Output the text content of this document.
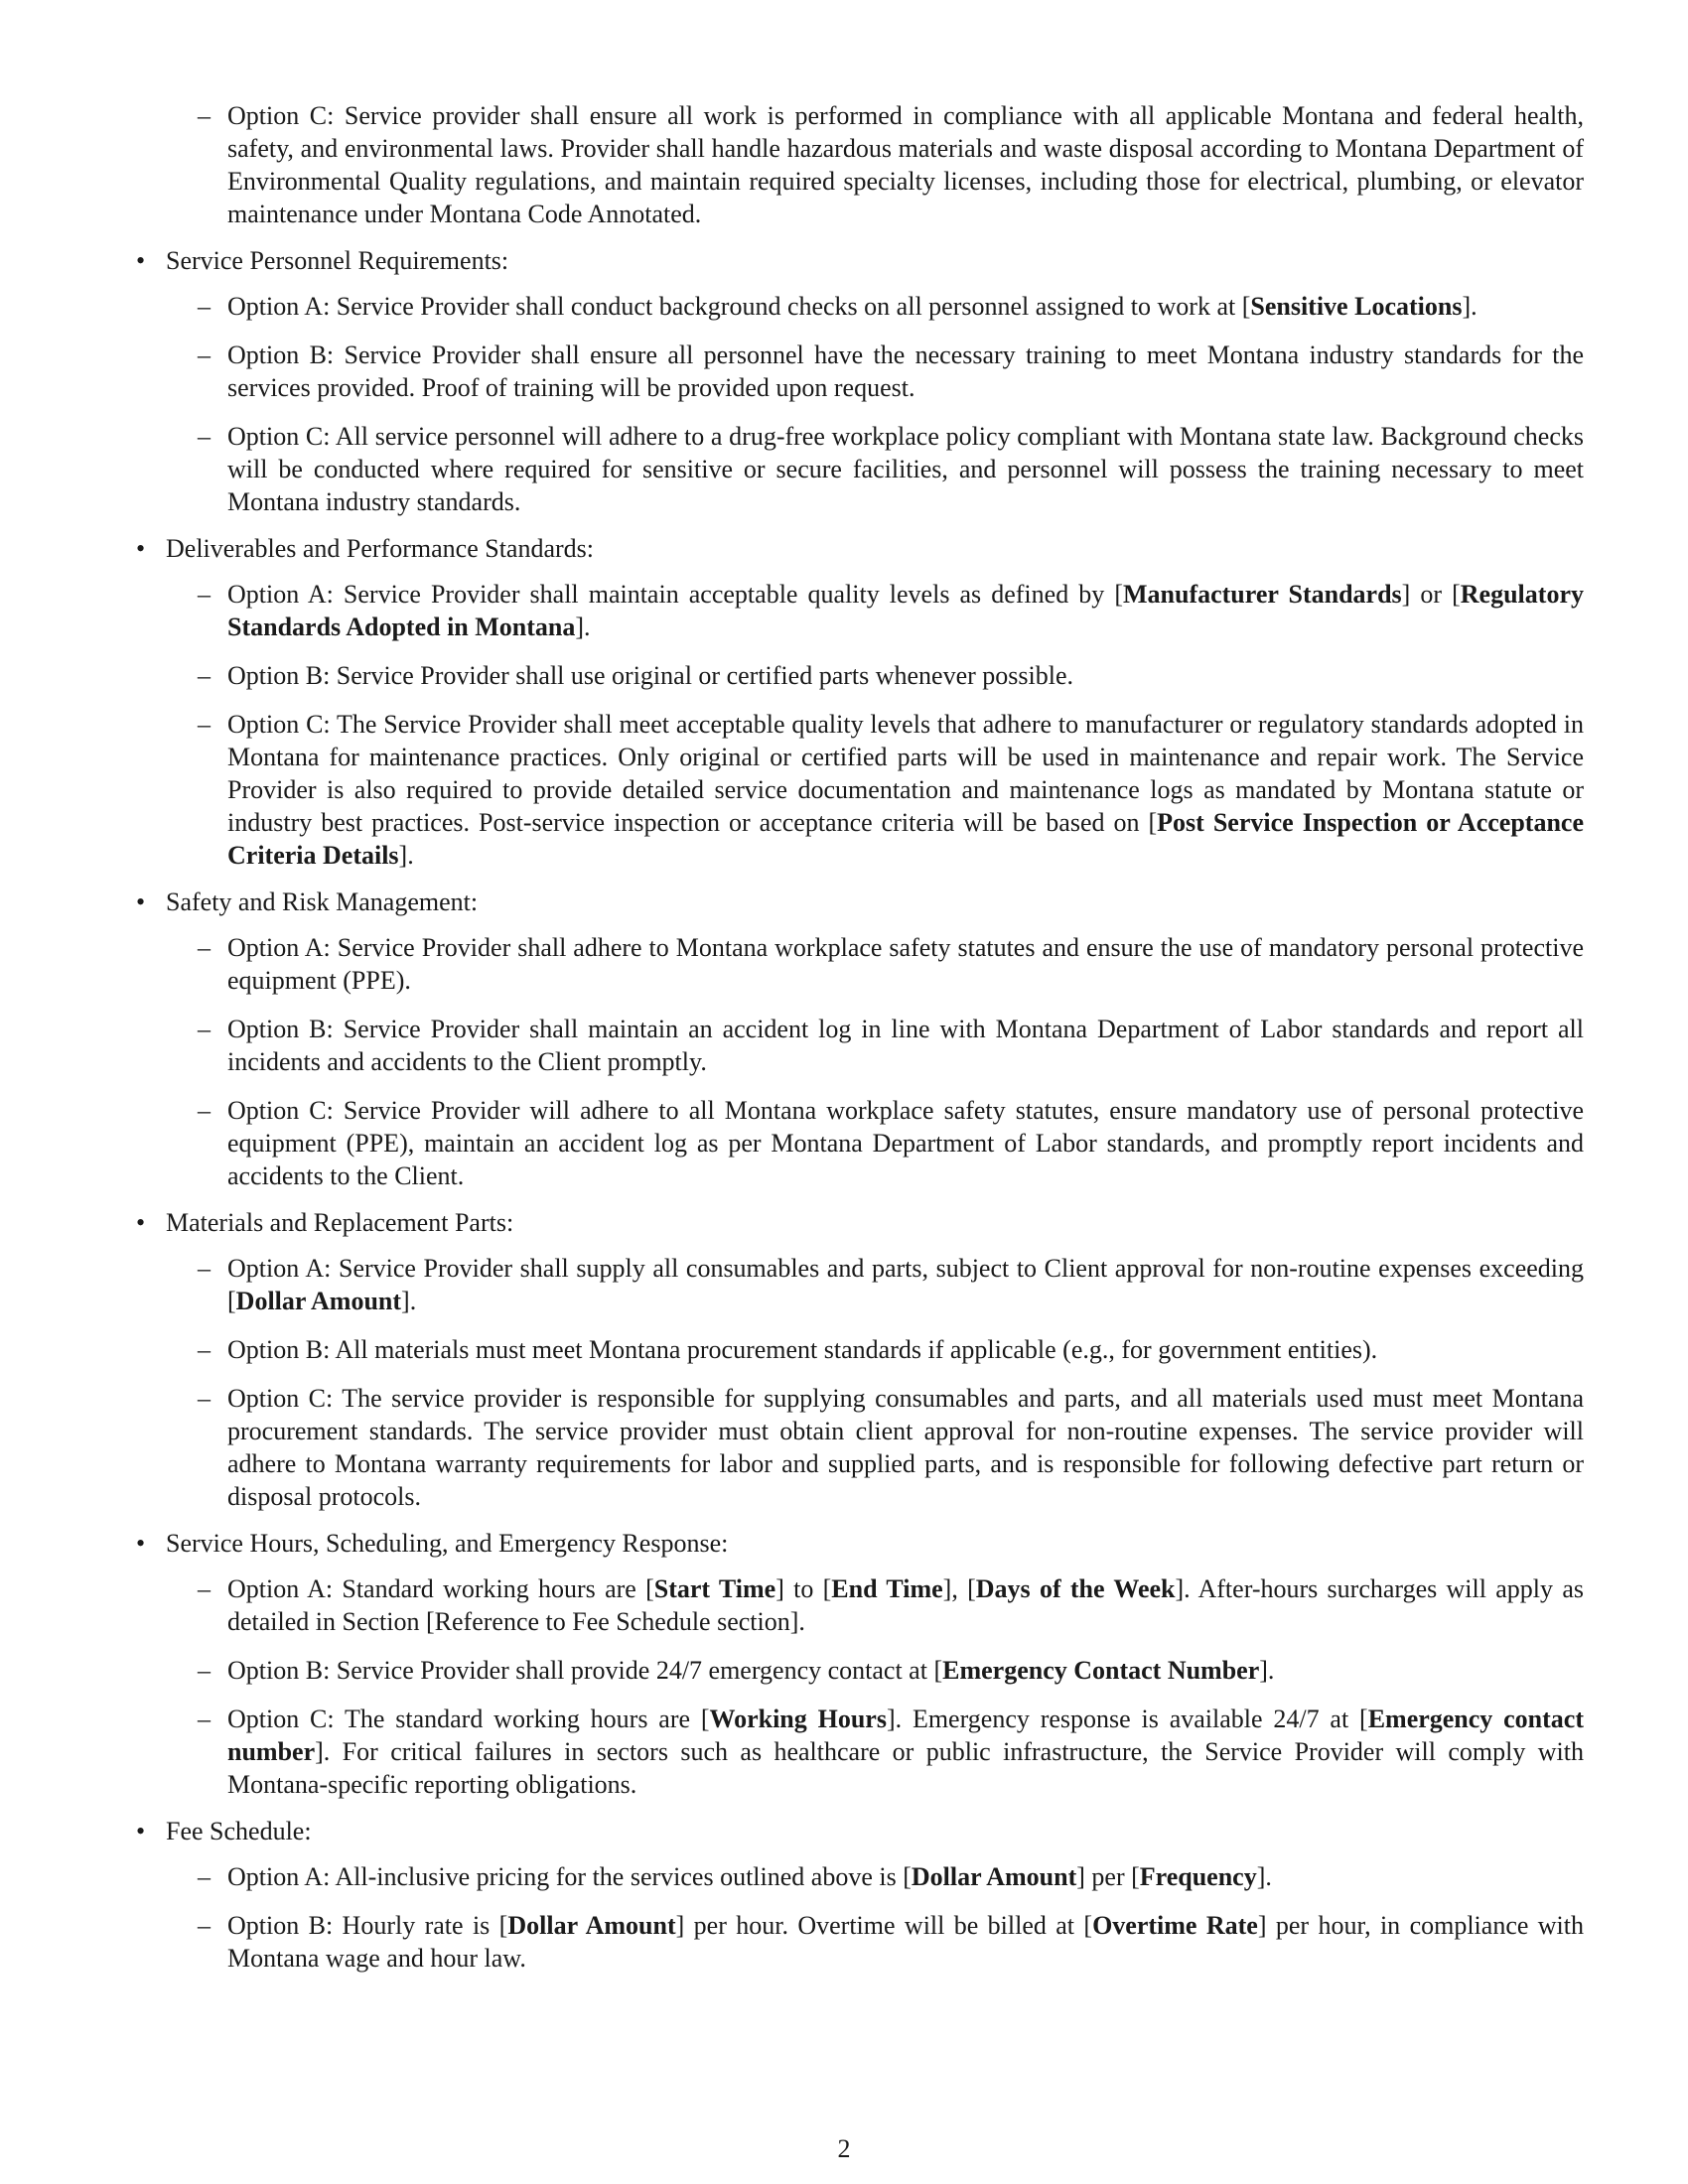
– Option C: Service provider shall ensure all work is performed in compliance with all applicable Montana and federal health, safety, and environmental laws. Provider shall handle hazardous materials and waste disposal according to Montana Department of Environmental Quality regulations, and maintain required specialty licenses, including those for electrical, plumbing, or elevator maintenance under Montana Code Annotated.
• Service Personnel Requirements:
– Option A: Service Provider shall conduct background checks on all personnel assigned to work at [Sensitive Locations].
– Option B: Service Provider shall ensure all personnel have the necessary training to meet Montana industry standards for the services provided. Proof of training will be provided upon request.
– Option C: All service personnel will adhere to a drug-free workplace policy compliant with Montana state law. Background checks will be conducted where required for sensitive or secure facilities, and personnel will possess the training necessary to meet Montana industry standards.
• Deliverables and Performance Standards:
– Option A: Service Provider shall maintain acceptable quality levels as defined by [Manufacturer Standards] or [Regulatory Standards Adopted in Montana].
– Option B: Service Provider shall use original or certified parts whenever possible.
– Option C: The Service Provider shall meet acceptable quality levels that adhere to manufacturer or regulatory standards adopted in Montana for maintenance practices. Only original or certified parts will be used in maintenance and repair work. The Service Provider is also required to provide detailed service documentation and maintenance logs as mandated by Montana statute or industry best practices. Post-service inspection or acceptance criteria will be based on [Post Service Inspection or Acceptance Criteria Details].
• Safety and Risk Management:
– Option A: Service Provider shall adhere to Montana workplace safety statutes and ensure the use of mandatory personal protective equipment (PPE).
– Option B: Service Provider shall maintain an accident log in line with Montana Department of Labor standards and report all incidents and accidents to the Client promptly.
– Option C: Service Provider will adhere to all Montana workplace safety statutes, ensure mandatory use of personal protective equipment (PPE), maintain an accident log as per Montana Department of Labor standards, and promptly report incidents and accidents to the Client.
• Materials and Replacement Parts:
– Option A: Service Provider shall supply all consumables and parts, subject to Client approval for non-routine expenses exceeding [Dollar Amount].
– Option B: All materials must meet Montana procurement standards if applicable (e.g., for government entities).
– Option C: The service provider is responsible for supplying consumables and parts, and all materials used must meet Montana procurement standards. The service provider must obtain client approval for non-routine expenses. The service provider will adhere to Montana warranty requirements for labor and supplied parts, and is responsible for following defective part return or disposal protocols.
• Service Hours, Scheduling, and Emergency Response:
– Option A: Standard working hours are [Start Time] to [End Time], [Days of the Week]. After-hours surcharges will apply as detailed in Section [Reference to Fee Schedule section].
– Option B: Service Provider shall provide 24/7 emergency contact at [Emergency Contact Number].
– Option C: The standard working hours are [Working Hours]. Emergency response is available 24/7 at [Emergency contact number]. For critical failures in sectors such as healthcare or public infrastructure, the Service Provider will comply with Montana-specific reporting obligations.
• Fee Schedule:
– Option A: All-inclusive pricing for the services outlined above is [Dollar Amount] per [Frequency].
– Option B: Hourly rate is [Dollar Amount] per hour. Overtime will be billed at [Overtime Rate] per hour, in compliance with Montana wage and hour law.
2
